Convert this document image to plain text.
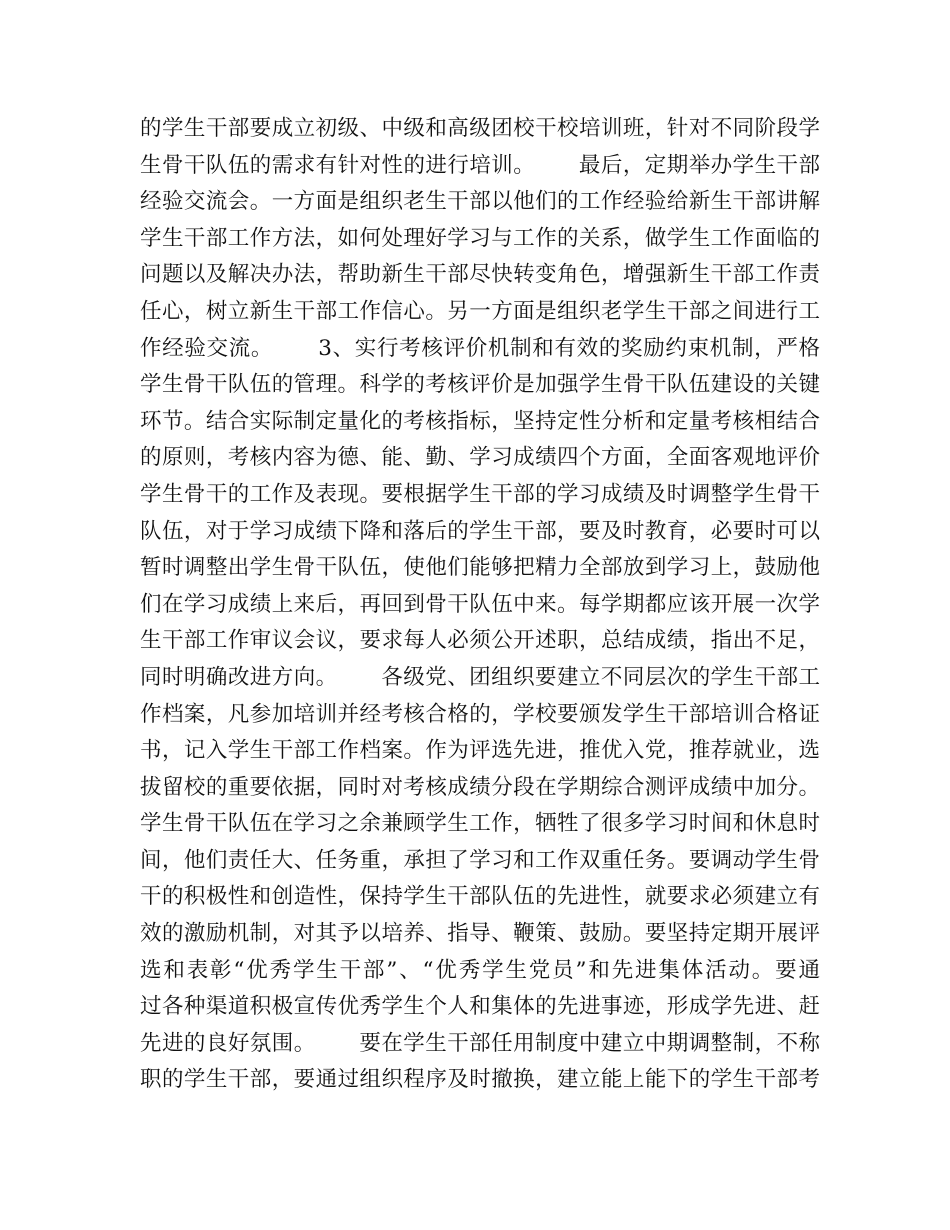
的学生干部要成立初级、中级和高级团校干校培训班，针对不同阶段学
生骨干队伍的需求有针对性的进行培训。      最后，定期举办学生干部
经验交流会。一方面是组织老生干部以他们的工作经验给新生干部讲解
学生干部工作方法，如何处理好学习与工作的关系，做学生工作面临的
问题以及解决办法，帮助新生干部尽快转变角色，增强新生干部工作责
任心，树立新生干部工作信心。另一方面是组织老学生干部之间进行工
作经验交流。      3、实行考核评价机制和有效的奖励约束机制，严格
学生骨干队伍的管理。科学的考核评价是加强学生骨干队伍建设的关键
环节。结合实际制定量化的考核指标，坚持定性分析和定量考核相结合
的原则，考核内容为德、能、勤、学习成绩四个方面，全面客观地评价
学生骨干的工作及表现。要根据学生干部的学习成绩及时调整学生骨干
队伍，对于学习成绩下降和落后的学生干部，要及时教育，必要时可以
暂时调整出学生骨干队伍，使他们能够把精力全部放到学习上，鼓励他
们在学习成绩上来后，再回到骨干队伍中来。每学期都应该开展一次学
生干部工作审议会议，要求每人必须公开述职，总结成绩，指出不足，
同时明确改进方向。      各级党、团组织要建立不同层次的学生干部工
作档案，凡参加培训并经考核合格的，学校要颁发学生干部培训合格证
书，记入学生干部工作档案。作为评选先进，推优入党，推荐就业，选
拔留校的重要依据，同时对考核成绩分段在学期综合测评成绩中加分。
学生骨干队伍在学习之余兼顾学生工作，牺牲了很多学习时间和休息时
间，他们责任大、任务重，承担了学习和工作双重任务。要调动学生骨
干的积极性和创造性，保持学生干部队伍的先进性，就要求必须建立有
效的激励机制，对其予以培养、指导、鞭策、鼓励。要坚持定期开展评
选和表彰“优秀学生干部”、“优秀学生党员”和先进集体活动。要通
过各种渠道积极宣传优秀学生个人和集体的先进事迹，形成学先进、赶
先进的良好氛围。      要在学生干部任用制度中建立中期调整制，不称
职的学生干部，要通过组织程序及时撤换，建立能上能下的学生干部考
